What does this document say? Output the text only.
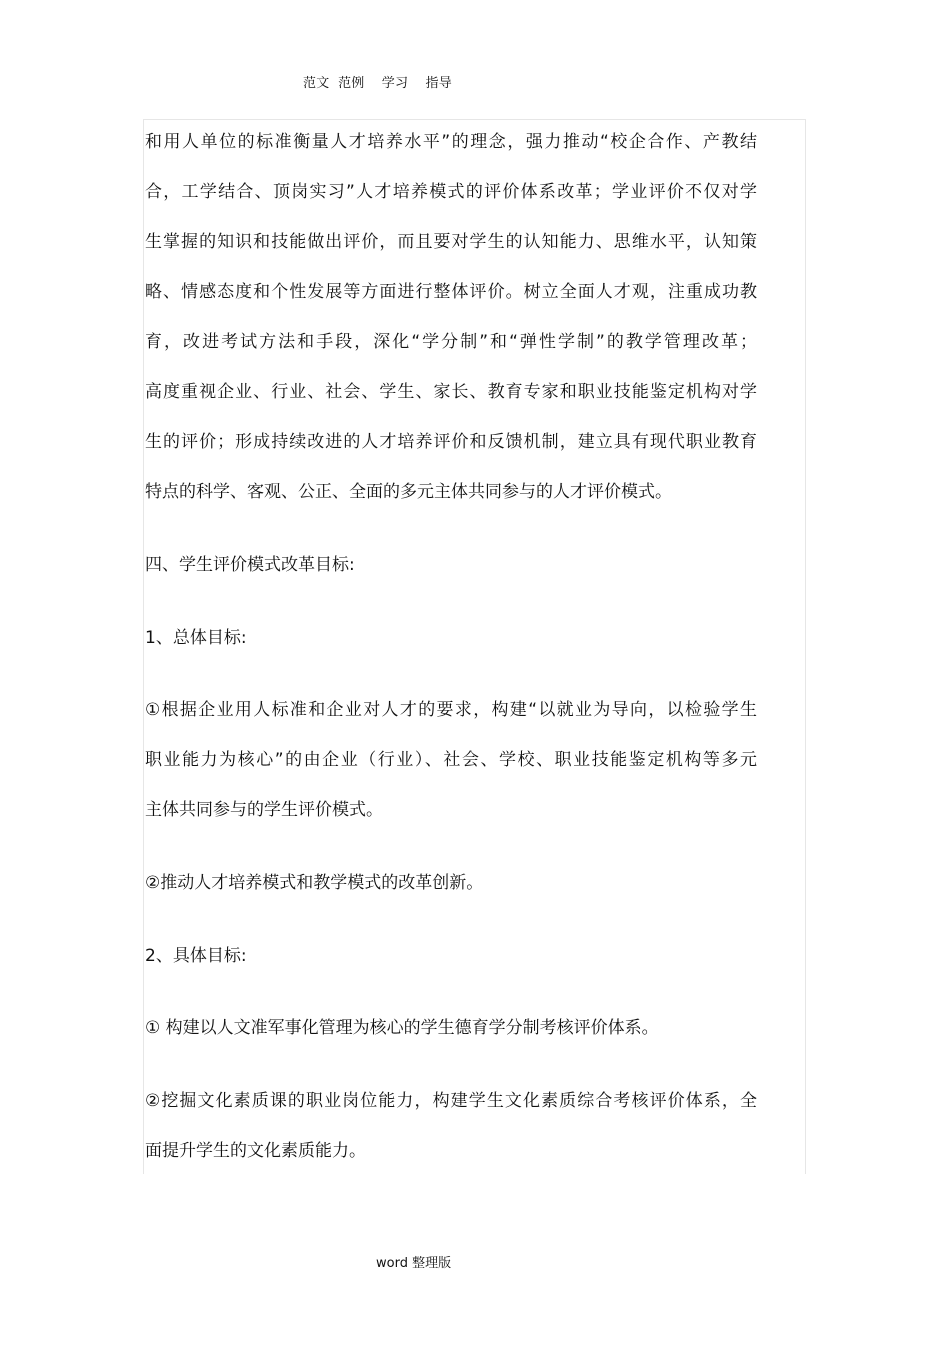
范文  范例    学习    指导
和用人单位的标准衡量人才培养水平”的理念，强力推动“校企合作、产教结
合，工学结合、顶岗实习”人才培养模式的评价体系改革；学业评价不仅对学
生掌握的知识和技能做出评价，而且要对学生的认知能力、思维水平，认知策
略、情感态度和个性发展等方面进行整体评价。树立全面人才观，注重成功教
育，改进考试方法和手段，深化“学分制”和“弹性学制”的教学管理改革；
高度重视企业、行业、社会、学生、家长、教育专家和职业技能鉴定机构对学
生的评价；形成持续改进的人才培养评价和反馈机制，建立具有现代职业教育
特点的科学、客观、公正、全面的多元主体共同参与的人才评价模式。
四、学生评价模式改革目标:
1、总体目标:
①根据企业用人标准和企业对人才的要求，构建“以就业为导向，以检验学生
职业能力为核心”的由企业（行业）、社会、学校、职业技能鉴定机构等多元
主体共同参与的学生评价模式。
②推动人才培养模式和教学模式的改革创新。
2、具体目标:
① 构建以人文准军事化管理为核心的学生德育学分制考核评价体系。
②挖掘文化素质课的职业岗位能力，构建学生文化素质综合考核评价体系，全
面提升学生的文化素质能力。
word 整理版
